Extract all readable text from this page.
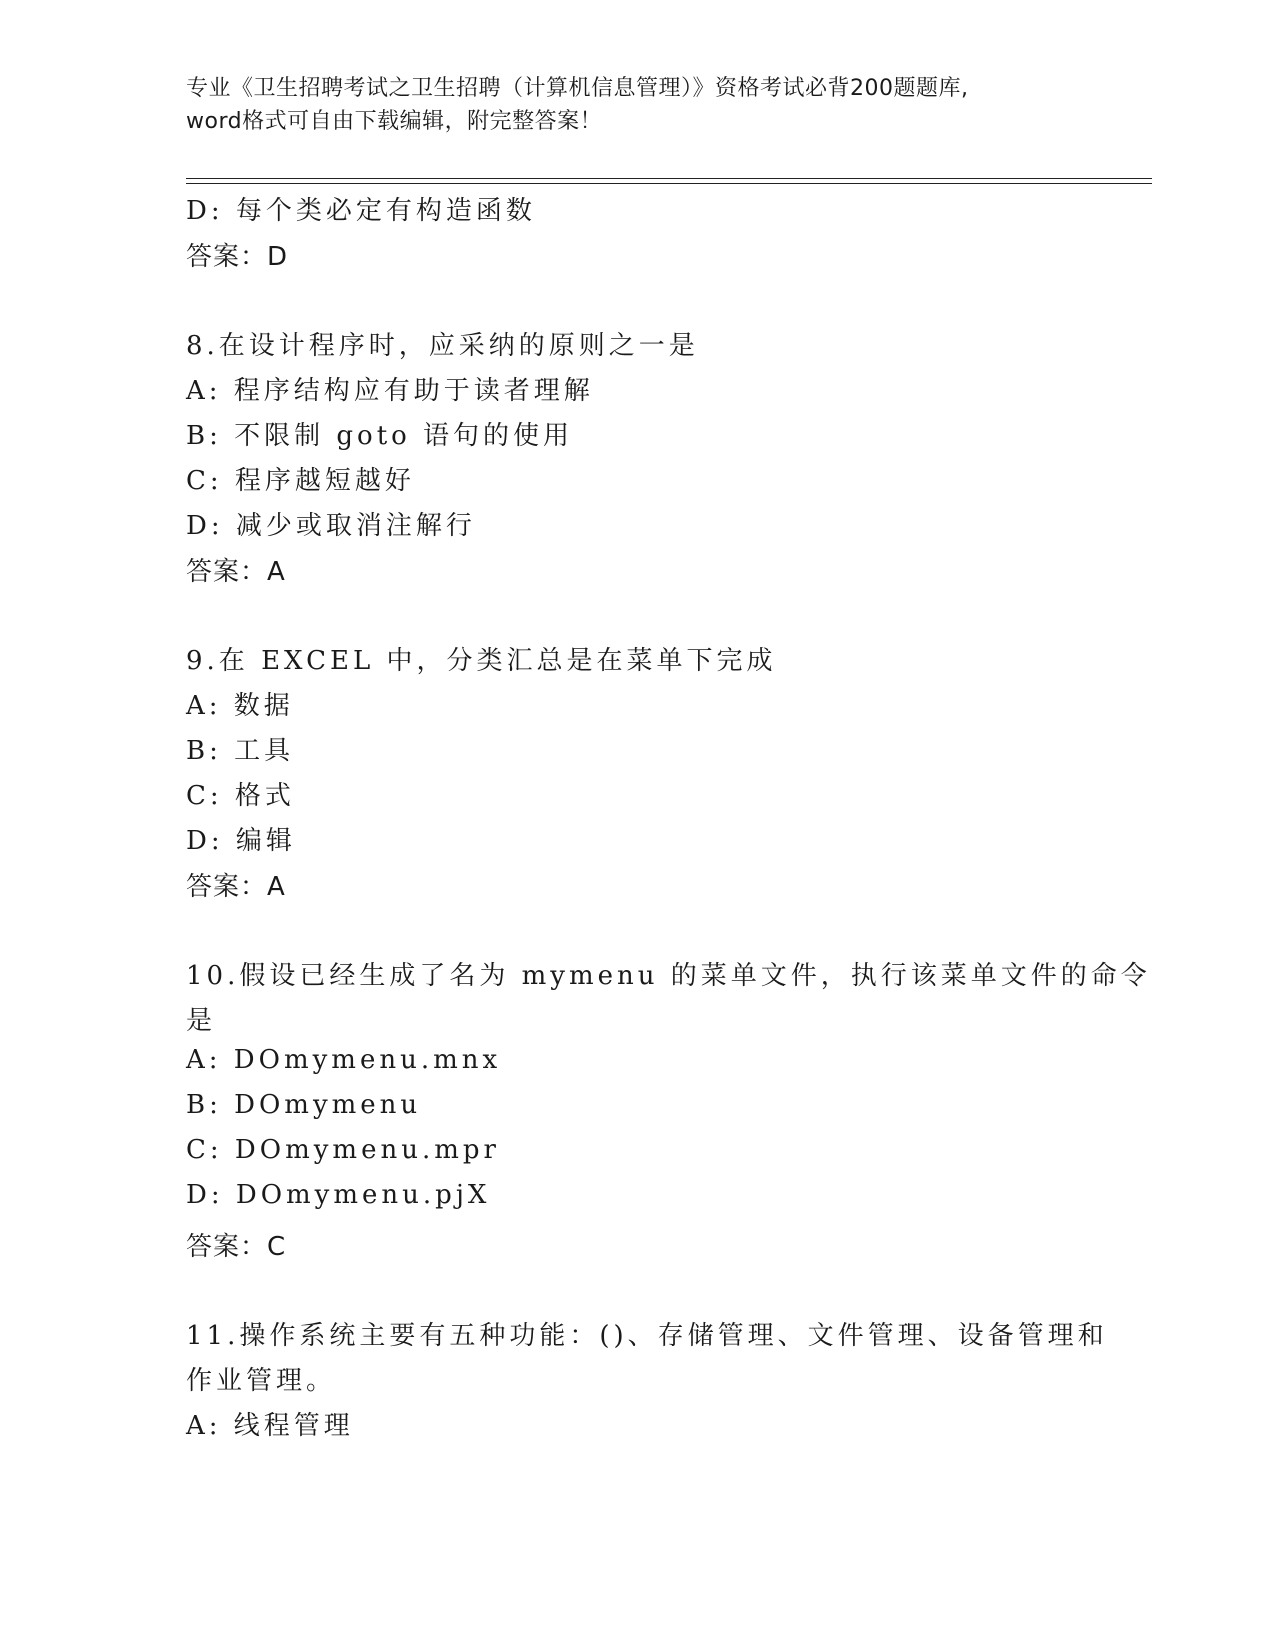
专业《卫生招聘考试之卫生招聘（计算机信息管理）》资格考试必背200题题库,
word格式可自由下载编辑，附完整答案！
D: 每个类必定有构造函数
答案：D
8.在设计程序时，应采纳的原则之一是
A: 程序结构应有助于读者理解
B: 不限制 goto 语句的使用
C: 程序越短越好
D: 减少或取消注解行
答案：A
9.在 EXCEL 中，分类汇总是在菜单下完成
A: 数据
B: 工具
C: 格式
D: 编辑
答案：A
10.假设已经生成了名为 mymenu 的菜单文件，执行该菜单文件的命令
是
A: DOmymenu.mnx
B: DOmymenu
C: DOmymenu.mpr
D: DOmymenu.pjX
答案：C
11.操作系统主要有五种功能：()、存储管理、文件管理、设备管理和
作业管理。
A: 线程管理
